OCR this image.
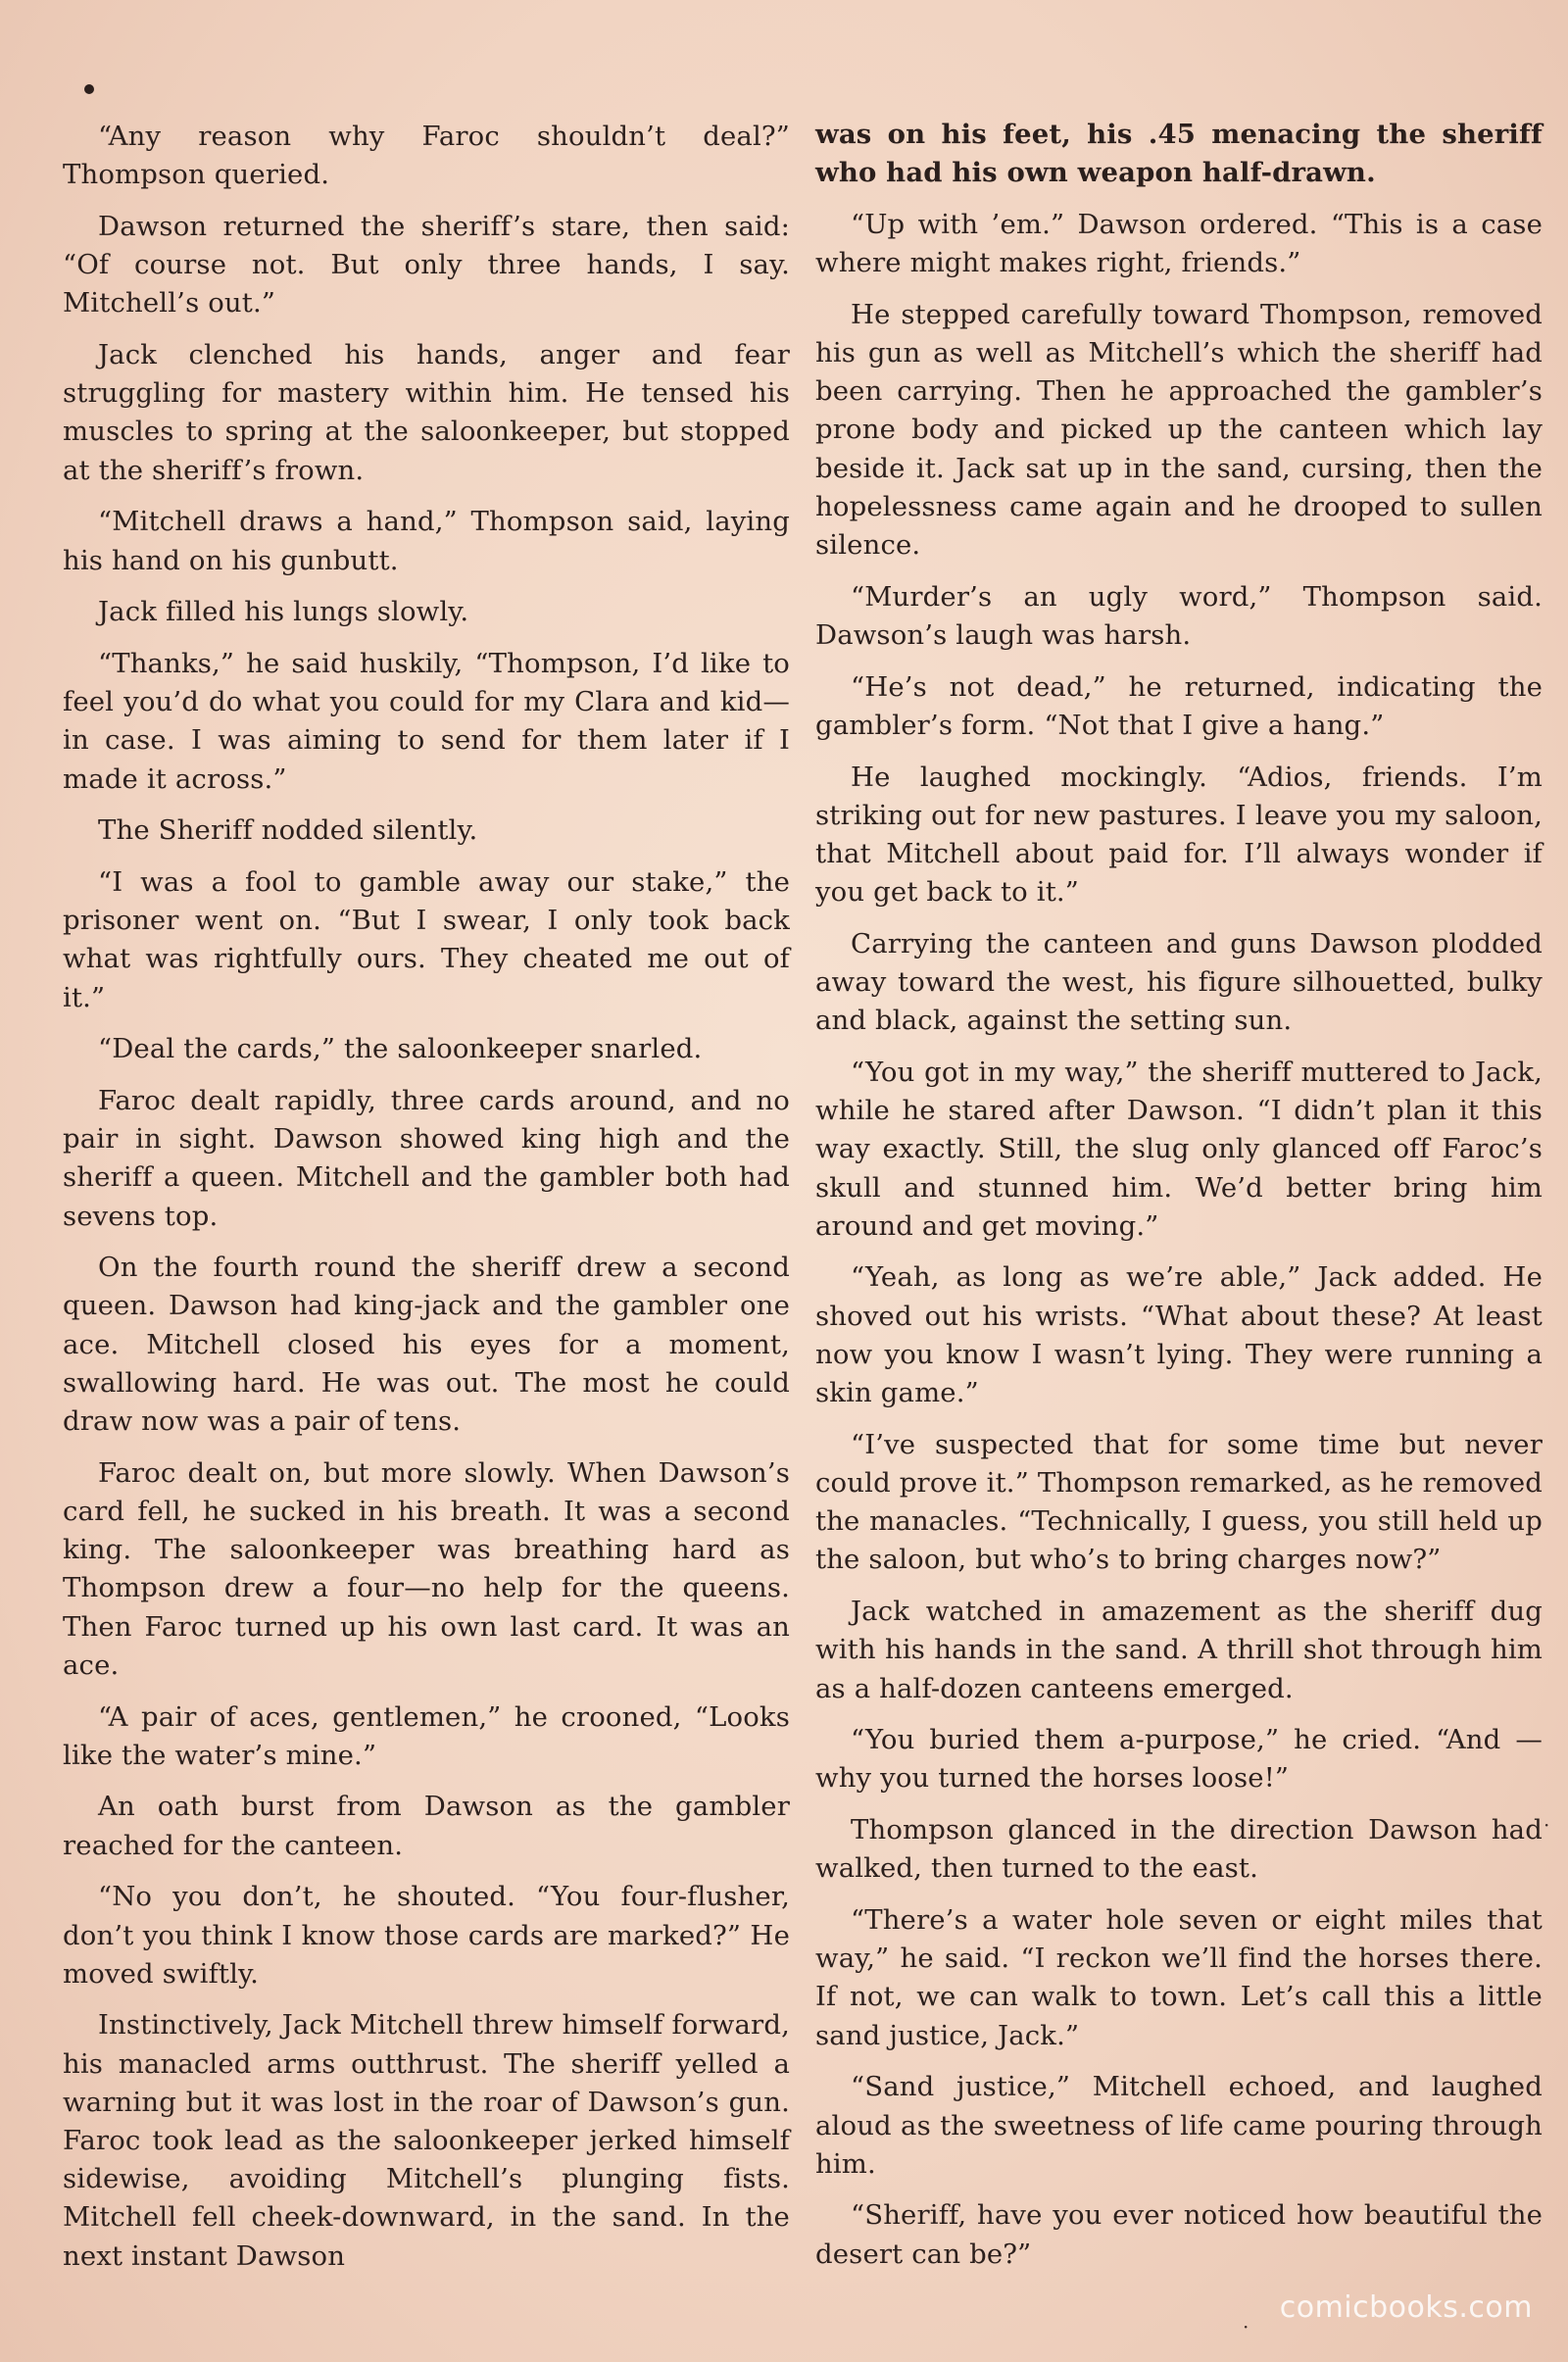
“Any reason why Faroc shouldn’t deal?” Thompson queried.

Dawson returned the sheriff’s stare, then said: “Of course not. But only three hands, I say. Mitchell’s out.”

Jack clenched his hands, anger and fear struggling for mastery within him. He tensed his muscles to spring at the saloonkeeper, but stopped at the sheriff’s frown.

“Mitchell draws a hand,” Thompson said, laying his hand on his gunbutt.

Jack filled his lungs slowly.

“Thanks,” he said huskily, “Thompson, I’d like to feel you’d do what you could for my Clara and kid—in case. I was aiming to send for them later if I made it across.”

The Sheriff nodded silently.

“I was a fool to gamble away our stake,” the prisoner went on. “But I swear, I only took back what was rightfully ours. They cheated me out of it.”

“Deal the cards,” the saloonkeeper snarled.

Faroc dealt rapidly, three cards around, and no pair in sight. Dawson showed king high and the sheriff a queen. Mitchell and the gambler both had sevens top.

On the fourth round the sheriff drew a second queen. Dawson had king-jack and the gambler one ace. Mitchell closed his eyes for a moment, swallowing hard. He was out. The most he could draw now was a pair of tens.

Faroc dealt on, but more slowly. When Dawson’s card fell, he sucked in his breath. It was a second king. The saloonkeeper was breathing hard as Thompson drew a four—no help for the queens. Then Faroc turned up his own last card. It was an ace.

“A pair of aces, gentlemen,” he crooned, “Looks like the water’s mine.”

An oath burst from Dawson as the gambler reached for the canteen.

“No you don’t, he shouted. “You four-flusher, don’t you think I know those cards are marked?” He moved swiftly.

Instinctively, Jack Mitchell threw himself forward, his manacled arms outthrust. The sheriff yelled a warning but it was lost in the roar of Dawson’s gun. Faroc took lead as the saloonkeeper jerked himself sidewise, avoiding Mitchell’s plunging fists. Mitchell fell cheek-downward, in the sand. In the next instant Dawson

was on his feet, his .45 menacing the sheriff who had his own weapon half-drawn.

“Up with ’em.” Dawson ordered. “This is a case where might makes right, friends.”

He stepped carefully toward Thompson, removed his gun as well as Mitchell’s which the sheriff had been carrying. Then he approached the gambler’s prone body and picked up the canteen which lay beside it. Jack sat up in the sand, cursing, then the hopelessness came again and he drooped to sullen silence.

“Murder’s an ugly word,” Thompson said. Dawson’s laugh was harsh.

“He’s not dead,” he returned, indicating the gambler’s form. “Not that I give a hang.”

He laughed mockingly. “Adios, friends. I’m striking out for new pastures. I leave you my saloon, that Mitchell about paid for. I’ll always wonder if you get back to it.”

Carrying the canteen and guns Dawson plodded away toward the west, his figure silhouetted, bulky and black, against the setting sun.

“You got in my way,” the sheriff muttered to Jack, while he stared after Dawson. “I didn’t plan it this way exactly. Still, the slug only glanced off Faroc’s skull and stunned him. We’d better bring him around and get moving.”

“Yeah, as long as we’re able,” Jack added. He shoved out his wrists. “What about these? At least now you know I wasn’t lying. They were running a skin game.”

“I’ve suspected that for some time but never could prove it.” Thompson remarked, as he removed the manacles. “Technically, I guess, you still held up the saloon, but who’s to bring charges now?”

Jack watched in amazement as the sheriff dug with his hands in the sand. A thrill shot through him as a half-dozen canteens emerged.

“You buried them a-purpose,” he cried. “And —why you turned the horses loose!”

Thompson glanced in the direction Dawson had walked, then turned to the east.

“There’s a water hole seven or eight miles that way,” he said. “I reckon we’ll find the horses there. If not, we can walk to town. Let’s call this a little sand justice, Jack.”

“Sand justice,” Mitchell echoed, and laughed aloud as the sweetness of life came pouring through him.

“Sheriff, have you ever noticed how beautiful the desert can be?”

·
·
comicbooks.com
